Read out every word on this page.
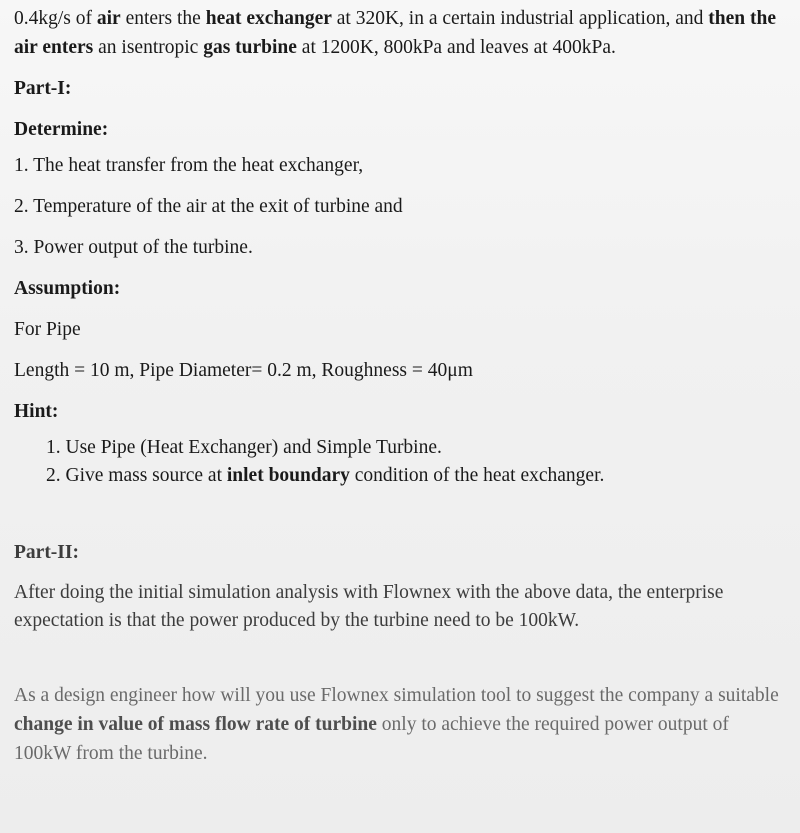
0.4kg/s of air enters the heat exchanger at 320K, in a certain industrial application, and then the air enters an isentropic gas turbine at 1200K, 800kPa and leaves at 400kPa.

Part-I:

Determine:

1. The heat transfer from the heat exchanger,

2. Temperature of the air at the exit of turbine and

3. Power output of the turbine.

Assumption:

For Pipe

Length = 10 m, Pipe Diameter= 0.2 m, Roughness = 40μm

Hint:

1. Use Pipe (Heat Exchanger) and Simple Turbine.

2. Give mass source at inlet boundary condition of the heat exchanger.

Part-II:

After doing the initial simulation analysis with Flownex with the above data, the enterprise expectation is that the power produced by the turbine need to be 100kW.

As a design engineer how will you use Flownex simulation tool to suggest the company a suitable change in value of mass flow rate of turbine only to achieve the required power output of 100kW from the turbine.
